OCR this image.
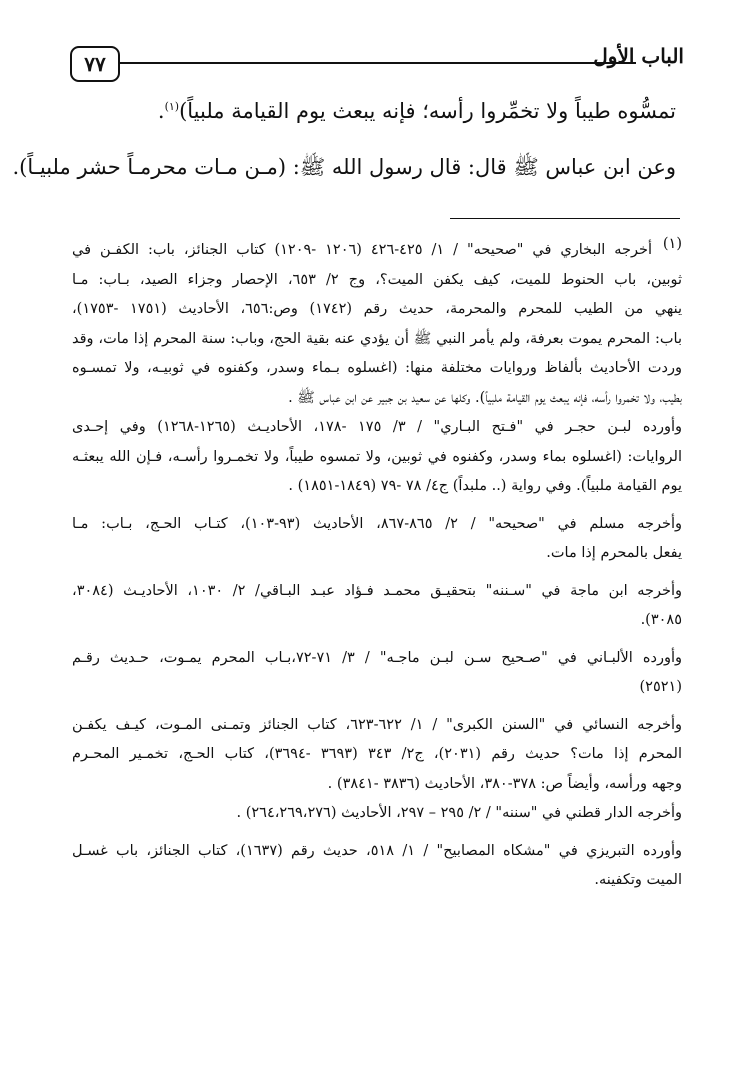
الباب الأول
٧٧
تمسُّوه طيباً ولا تخمِّروا رأسه؛ فإنه يبعث يوم القيامة ملبياً)$^{(١)}$.
وعن ابن عباس ﷺ قال: قال رسول الله ﷺ: (مـن مـات محرمـاً حشر ملبيـاً).
(١)
أخرجه البخاري في "صحيحه" / ١/ ٤٢٥-٤٢٦ (١٢٠٦ -١٢٠٩) كتاب الجنائز، باب: الكفـن في
ثوبين، باب الحنوط للميت، كيف يكفن الميت؟، وج ٢/ ٦٥٣، الإحصار وجزاء الصيد، بـاب: مـا
ينهي من الطيب للمحرم والمحرمة، حديث رقم (١٧٤٢) وص:٦٥٦، الأحاديث (١٧٥١ -١٧٥٣)،
باب: المحرم يموت بعرفة، ولم يأمر النبي ﷺ أن يؤدي عنه بقية الحج، وباب: سنة المحرم إذا مات، وقد
وردت الأحاديث بألفاظ وروايات مختلفة منها: (اغسلوه بـماء وسدر، وكفنوه في ثوبيـه، ولا تمسـوه
بطيب، ولا تخمروا رأسه، فإنه يبعث يوم القيامة ملبياً). وكلها عن سعيد بن جبير عن ابن عباس ﷺ .
وأورده لبـن حجـر في "فـتح البـاري" / ٣/ ١٧٥ -١٧٨، الأحاديـث (١٢٦٥-١٢٦٨) وفي إحـدى
الروايات: (اغسلوه بماء وسدر، وكفنوه في ثوبين، ولا تمسوه طيباً، ولا تخمـروا رأسـه، فـإن الله يبعثـه
يوم القيامة ملبياً). وفي رواية (.. ملبداً) ج٤/ ٧٨ -٧٩ (١٨٤٩-١٨٥١) .
وأخرجه مسلم في "صحيحه" / ٢/ ٨٦٥-٨٦٧، الأحاديث (٩٣-١٠٣)، كتـاب الحـج، بـاب: مـا
يفعل بالمحرم إذا مات.
وأخرجه ابن ماجة في "سـننه" بتحقيـق محمـد فـؤاد عبـد البـاقي/ ٢/ ١٠٣٠، الأحاديـث (٣٠٨٤،
٣٠٨٥).
وأورده الألبـاني في "صـحيح سـن لبـن ماجـه" / ٣/ ٧١-٧٢،بـاب المحرم يمـوت، حـديث رقـم
(٢٥٢١)
وأخرجه النسائي في "السنن الكبرى" / ١/ ٦٢٢-٦٢٣، كتاب الجنائز وتمـنى المـوت، كيـف يكفـن
المحرم إذا مات؟ حديث رقم (٢٠٣١)، ج٢/ ٣٤٣ (٣٦٩٣ -٣٦٩٤)، كتاب الحـج، تخمـير المحـرم
وجهه ورأسه، وأيضاً ص: ٣٧٨-٣٨٠، الأحاديث (٣٨٣٦ -٣٨٤١) .
وأخرجه الدار قطني في "سننه" / ٢/ ٢٩٥ – ٢٩٧، الأحاديث (٢٦٤،٢٦٩،٢٧٦) .
وأورده التبريزي في "مشكاه المصابيح" / ١/ ٥١٨، حديث رقم (١٦٣٧)، كتاب الجنائز، باب غسـل
الميت وتكفينه.
